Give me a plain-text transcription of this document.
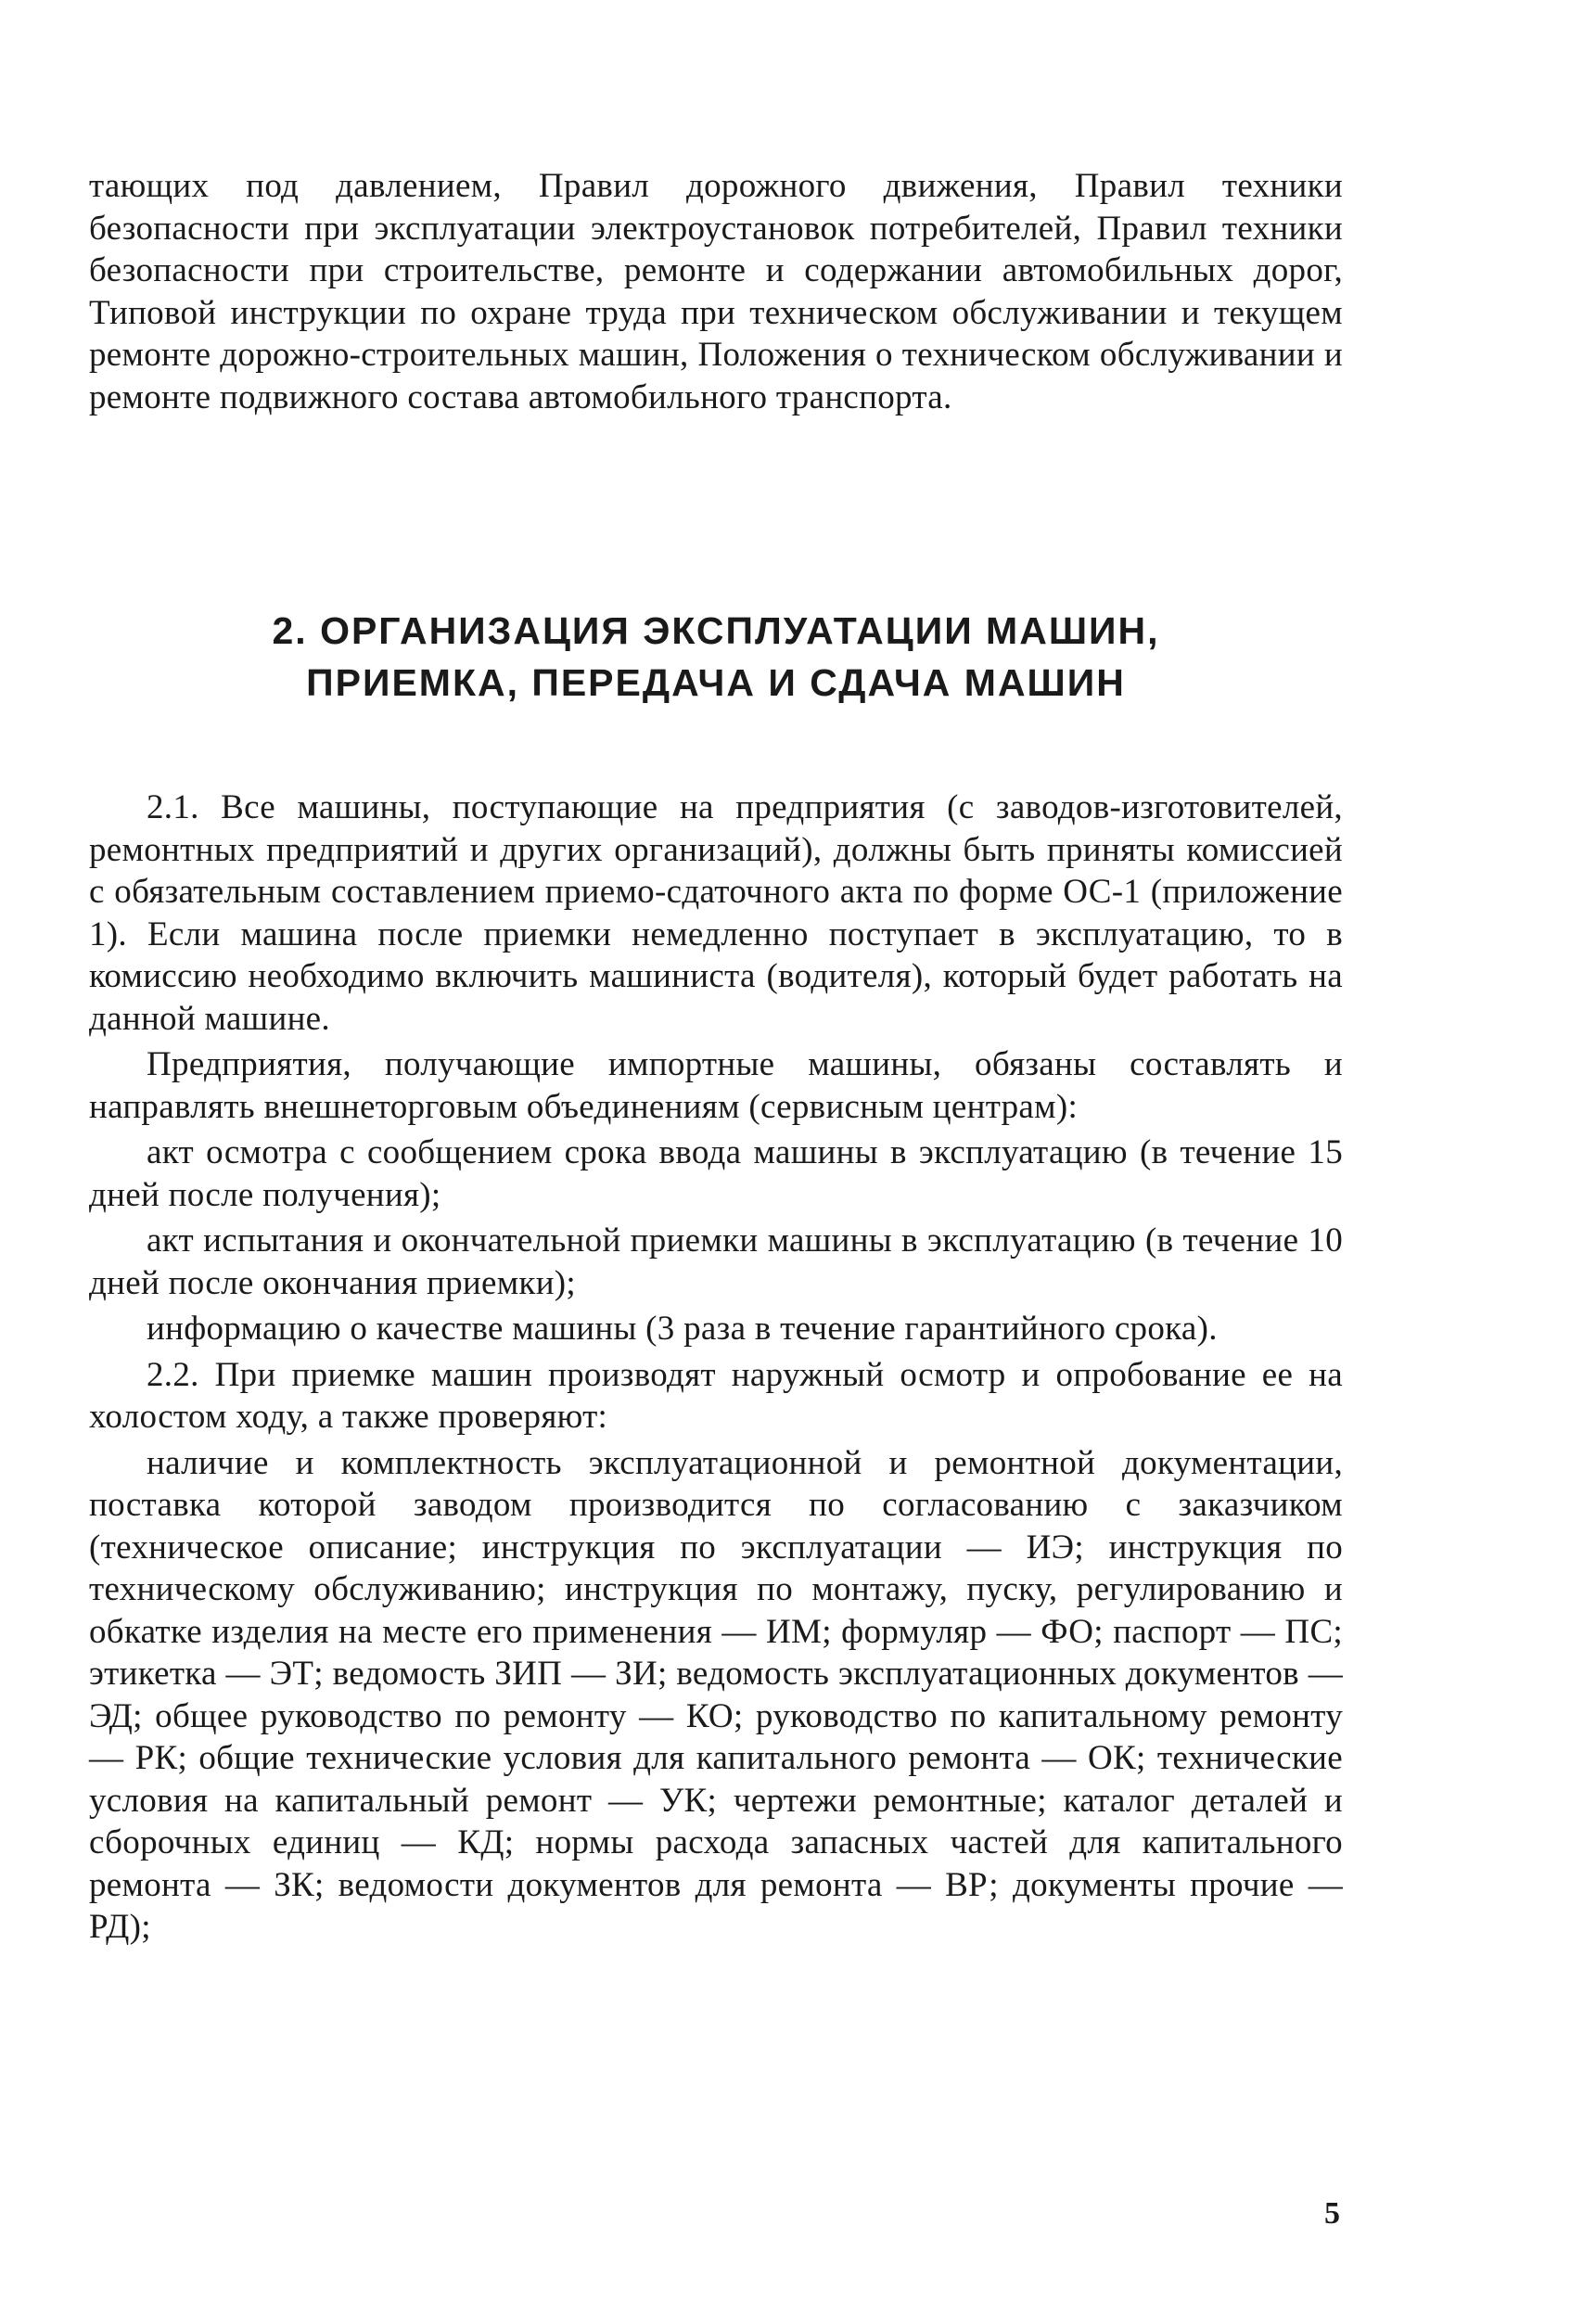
тающих под давлением, Правил дорожного движения, Правил техники безопасности при эксплуатации электроустановок потребителей, Правил техники безопасности при строительстве, ремонте и содержании автомобильных дорог, Типовой инструкции по охране труда при техническом обслуживании и текущем ремонте дорожно-строительных машин, Положения о техническом обслуживании и ремонте подвижного состава автомобильного транспорта.

2. ОРГАНИЗАЦИЯ ЭКСПЛУАТАЦИИ МАШИН,
ПРИЕМКА, ПЕРЕДАЧА И СДАЧА МАШИН

2.1. Все машины, поступающие на предприятия (с заводов-изготовителей, ремонтных предприятий и других организаций), должны быть приняты комиссией с обязательным составлением приемо-сдаточного акта по форме ОС-1 (приложение 1). Если машина после приемки немедленно поступает в эксплуатацию, то в комиссию необходимо включить машиниста (водителя), который будет работать на данной машине.

Предприятия, получающие импортные машины, обязаны составлять и направлять внешнеторговым объединениям (сервисным центрам):

акт осмотра с сообщением срока ввода машины в эксплуатацию (в течение 15 дней после получения);

акт испытания и окончательной приемки машины в эксплуатацию (в течение 10 дней после окончания приемки);

информацию о качестве машины (3 раза в течение гарантийного срока).

2.2. При приемке машин производят наружный осмотр и опробование ее на холостом ходу, а также проверяют:

наличие и комплектность эксплуатационной и ремонтной документации, поставка которой заводом производится по согласованию с заказчиком (техническое описание; инструкция по эксплуатации — ИЭ; инструкция по техническому обслуживанию; инструкция по монтажу, пуску, регулированию и обкатке изделия на месте его применения — ИМ; формуляр — ФО; паспорт — ПС; этикетка — ЭТ; ведомость ЗИП — ЗИ; ведомость эксплуатационных документов — ЭД; общее руководство по ремонту — КО; руководство по капитальному ремонту — РК; общие технические условия для капитального ремонта — ОК; технические условия на капитальный ремонт — УК; чертежи ремонтные; каталог деталей и сборочных единиц — КД; нормы расхода запасных частей для капитального ремонта — ЗК; ведомости документов для ремонта — ВР; документы прочие — РД);

5
